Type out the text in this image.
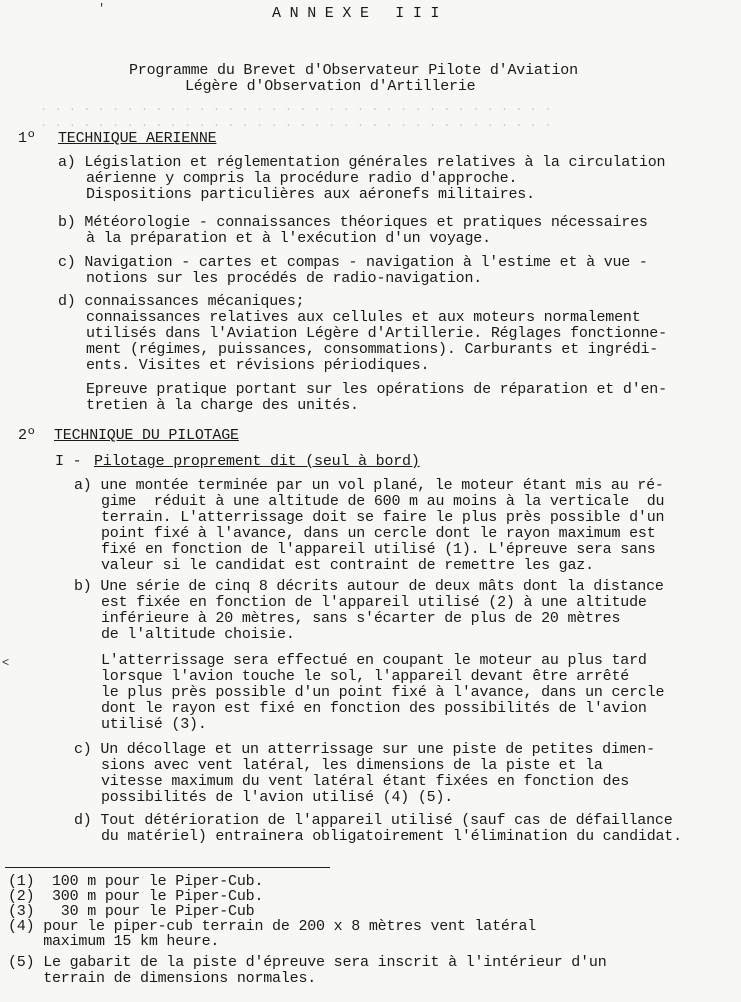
'	A N N E X E   I I I
Programme du Brevet d'Observateur Pilote d'Aviation
Légère d'Observation d'Artillerie
. . . . . . . . . . . . . . . . . . . . . . . . . . . . . . . . . . . .
. . . . . . . . . . . . . . . . . . . . . . . . . . . . . . . . . . . .
1º TECHNIQUE AERIENNE
a) Législation et réglementation générales relatives à la circulation
aérienne y compris la procédure radio d'approche.
Dispositions particulières aux aéronefs militaires.
b) Météorologie - connaissances théoriques et pratiques nécessaires
à la préparation et à l'exécution d'un voyage.
c) Navigation - cartes et compas - navigation à l'estime et à vue -
notions sur les procédés de radio-navigation.
d) connaissances mécaniques;
connaissances relatives aux cellules et aux moteurs normalement
utilisés dans l'Aviation Légère d'Artillerie. Réglages fonctionne-
ment (régimes, puissances, consommations). Carburants et ingrédi-
ents. Visites et révisions périodiques.
Epreuve pratique portant sur les opérations de réparation et d'en-
tretien à la charge des unités.
2º TECHNIQUE DU PILOTAGE
I - Pilotage proprement dit (seul à bord)
a) une montée terminée par un vol plané, le moteur étant mis au ré-
gime  réduit à une altitude de 600 m au moins à la verticale  du
terrain. L'atterrissage doit se faire le plus près possible d'un
point fixé à l'avance, dans un cercle dont le rayon maximum est
fixé en fonction de l'appareil utilisé (1). L'épreuve sera sans
valeur si le candidat est contraint de remettre les gaz.
b) Une série de cinq 8 décrits autour de deux mâts dont la distance
est fixée en fonction de l'appareil utilisé (2) à une altitude
inférieure à 20 mètres, sans s'écarter de plus de 20 mètres
de l'altitude choisie.
L'atterrissage sera effectué en coupant le moteur au plus tard
lorsque l'avion touche le sol, l'appareil devant être arrêté
le plus près possible d'un point fixé à l'avance, dans un cercle
dont le rayon est fixé en fonction des possibilités de l'avion
utilisé (3).
c) Un décollage et un atterrissage sur une piste de petites dimen-
sions avec vent latéral, les dimensions de la piste et la
vitesse maximum du vent latéral étant fixées en fonction des
possibilités de l'avion utilisé (4) (5).
d) Tout détérioration de l'appareil utilisé (sauf cas de défaillance
du matériel) entrainera obligatoirement l'élimination du candidat.
(1)  100 m pour le Piper-Cub.
(2)  300 m pour le Piper-Cub.
(3)   30 m pour le Piper-Cub
(4) pour le piper-cub terrain de 200 x 8 mètres vent latéral
maximum 15 km heure.
(5) Le gabarit de la piste d'épreuve sera inscrit à l'intérieur d'un
terrain de dimensions normales.
<
